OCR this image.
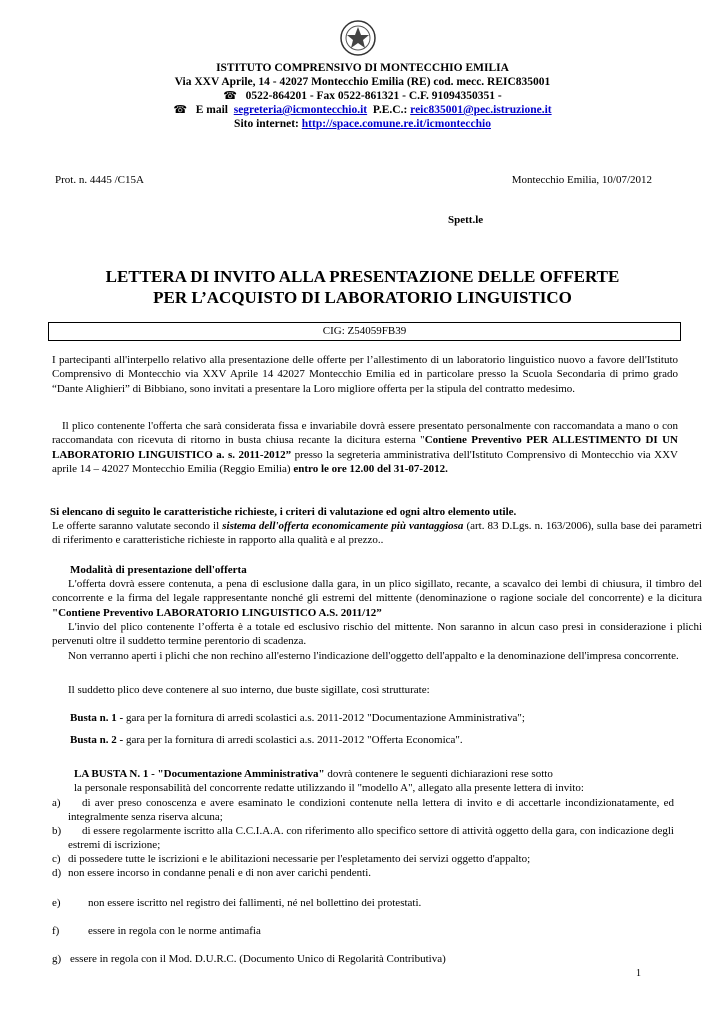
ISTITUTO COMPRENSIVO DI MONTECCHIO EMILIA
Via XXV Aprile, 14 - 42027 Montecchio Emilia (RE) cod. mecc. REIC835001
☎ 0522-864201 - Fax 0522-861321 - C.F. 91094350351 -
☎ E mail segreteria@icmontecchio.it P.E.C.: reic835001@pec.istruzione.it
Sito internet: http://space.comune.re.it/icmontecchio
Prot. n. 4445 /C15A	Montecchio Emilia, 10/07/2012
Spett.le
LETTERA DI INVITO ALLA PRESENTAZIONE DELLE OFFERTE
PER L’ACQUISTO DI LABORATORIO LINGUISTICO
CIG: Z54059FB39
I partecipanti all'interpello relativo alla presentazione delle offerte per l’allestimento di un laboratorio linguistico nuovo a favore dell'Istituto Comprensivo di Montecchio via XXV Aprile 14 42027 Montecchio Emilia ed in particolare presso la Scuola Secondaria di primo grado “Dante Alighieri” di Bibbiano, sono invitati a presentare la Loro migliore offerta per la stipula del contratto medesimo.
Il plico contenente l'offerta che sarà considerata fissa e invariabile dovrà essere presentato personalmente con raccomandata a mano o con raccomandata con ricevuta di ritorno in busta chiusa recante la dicitura esterna "Contiene Preventivo PER ALLESTIMENTO DI UN LABORATORIO LINGUISTICO a. s. 2011-2012” presso la segreteria amministrativa dell'Istituto Comprensivo di Montecchio via XXV aprile 14 – 42027 Montecchio Emilia (Reggio Emilia) entro le ore 12.00 del 31-07-2012.
Si elencano di seguito le caratteristiche richieste, i criteri di valutazione ed ogni altro elemento utile.
Le offerte saranno valutate secondo il sistema dell'offerta economicamente più vantaggiosa (art. 83 D.Lgs. n. 163/2006), sulla base dei parametri di riferimento e caratteristiche richieste in rapporto alla qualità e al prezzo..
Modalità di presentazione dell'offerta
L'offerta dovrà essere contenuta, a pena di esclusione dalla gara, in un plico sigillato, recante, a scavalco dei lembi di chiusura, il timbro del concorrente e la firma del legale rappresentante nonché gli estremi del mittente (denominazione o ragione sociale del concorrente) e la dicitura "Contiene Preventivo LABORATORIO LINGUISTICO A.S. 2011/12”
L'invio del plico contenente l’offerta è a totale ed esclusivo rischio del mittente. Non saranno in alcun caso presi in considerazione i plichi pervenuti oltre il suddetto termine perentorio di scadenza.
Non verranno aperti i plichi che non rechino all'esterno l'indicazione dell'oggetto dell'appalto e la denominazione dell'impresa concorrente.
Il suddetto plico deve contenere al suo interno, due buste sigillate, così strutturate:
Busta n. 1 - gara per la fornitura di arredi scolastici a.s. 2011-2012 "Documentazione Amministrativa";
Busta n. 2 - gara per la fornitura di arredi scolastici a.s. 2011-2012 "Offerta Economica".
LA BUSTA N. 1 - "Documentazione Amministrativa" dovrà contenere le seguenti dichiarazioni rese sotto
la personale responsabilità del concorrente redatte utilizzando il "modello A", allegato alla presente lettera di invito:
a)	di aver preso conoscenza e avere esaminato le condizioni contenute nella lettera di invito e di accettarle incondizionatamente, ed integralmente senza riserva alcuna;
b)	di essere regolarmente iscritto alla C.C.I.A.A. con riferimento allo specifico settore di attività oggetto della gara, con indicazione degli estremi di iscrizione;
c) di possedere tutte le iscrizioni e le abilitazioni necessarie per l'espletamento dei servizi oggetto d'appalto;
d) non essere incorso in condanne penali e di non aver carichi pendenti.
e) non essere iscritto nel registro dei fallimenti, né nel bollettino dei protestati.
f)	essere in regola con le norme antimafia
g) essere in regola con il Mod. D.U.R.C. (Documento Unico di Regolarità Contributiva)
1
